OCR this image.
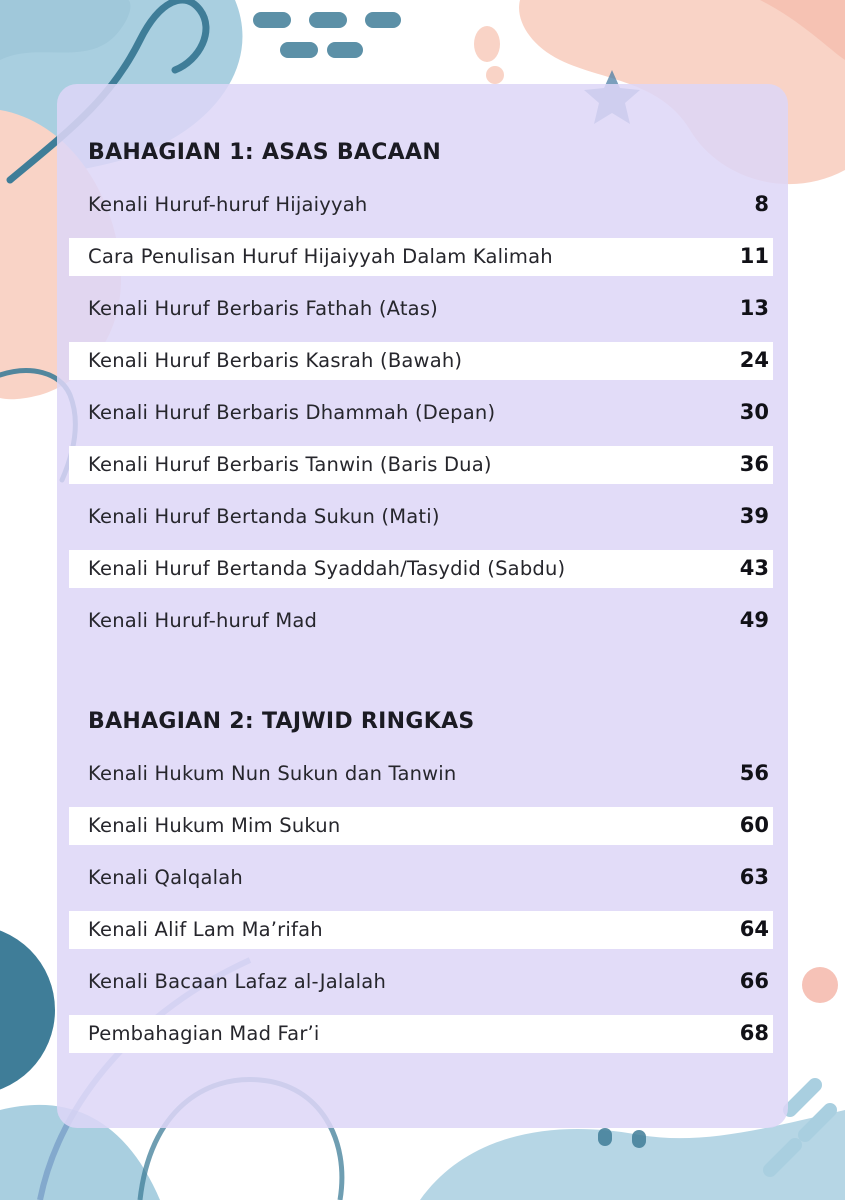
BAHAGIAN 1: ASAS BACAAN
Kenali Huruf-huruf Hijaiyyah	8
Cara Penulisan Huruf Hijaiyyah Dalam Kalimah	11
Kenali Huruf Berbaris Fathah (Atas)	13
Kenali Huruf Berbaris Kasrah (Bawah)	24
Kenali Huruf Berbaris Dhammah (Depan)	30
Kenali Huruf Berbaris Tanwin (Baris Dua)	36
Kenali Huruf Bertanda Sukun (Mati)	39
Kenali Huruf Bertanda Syaddah/Tasydid (Sabdu)	43
Kenali Huruf-huruf Mad	49
BAHAGIAN 2: TAJWID RINGKAS
Kenali Hukum Nun Sukun dan Tanwin	56
Kenali Hukum Mim Sukun	60
Kenali Qalqalah	63
Kenali Alif Lam Ma’rifah	64
Kenali Bacaan Lafaz al-Jalalah	66
Pembahagian Mad Far’i	68
